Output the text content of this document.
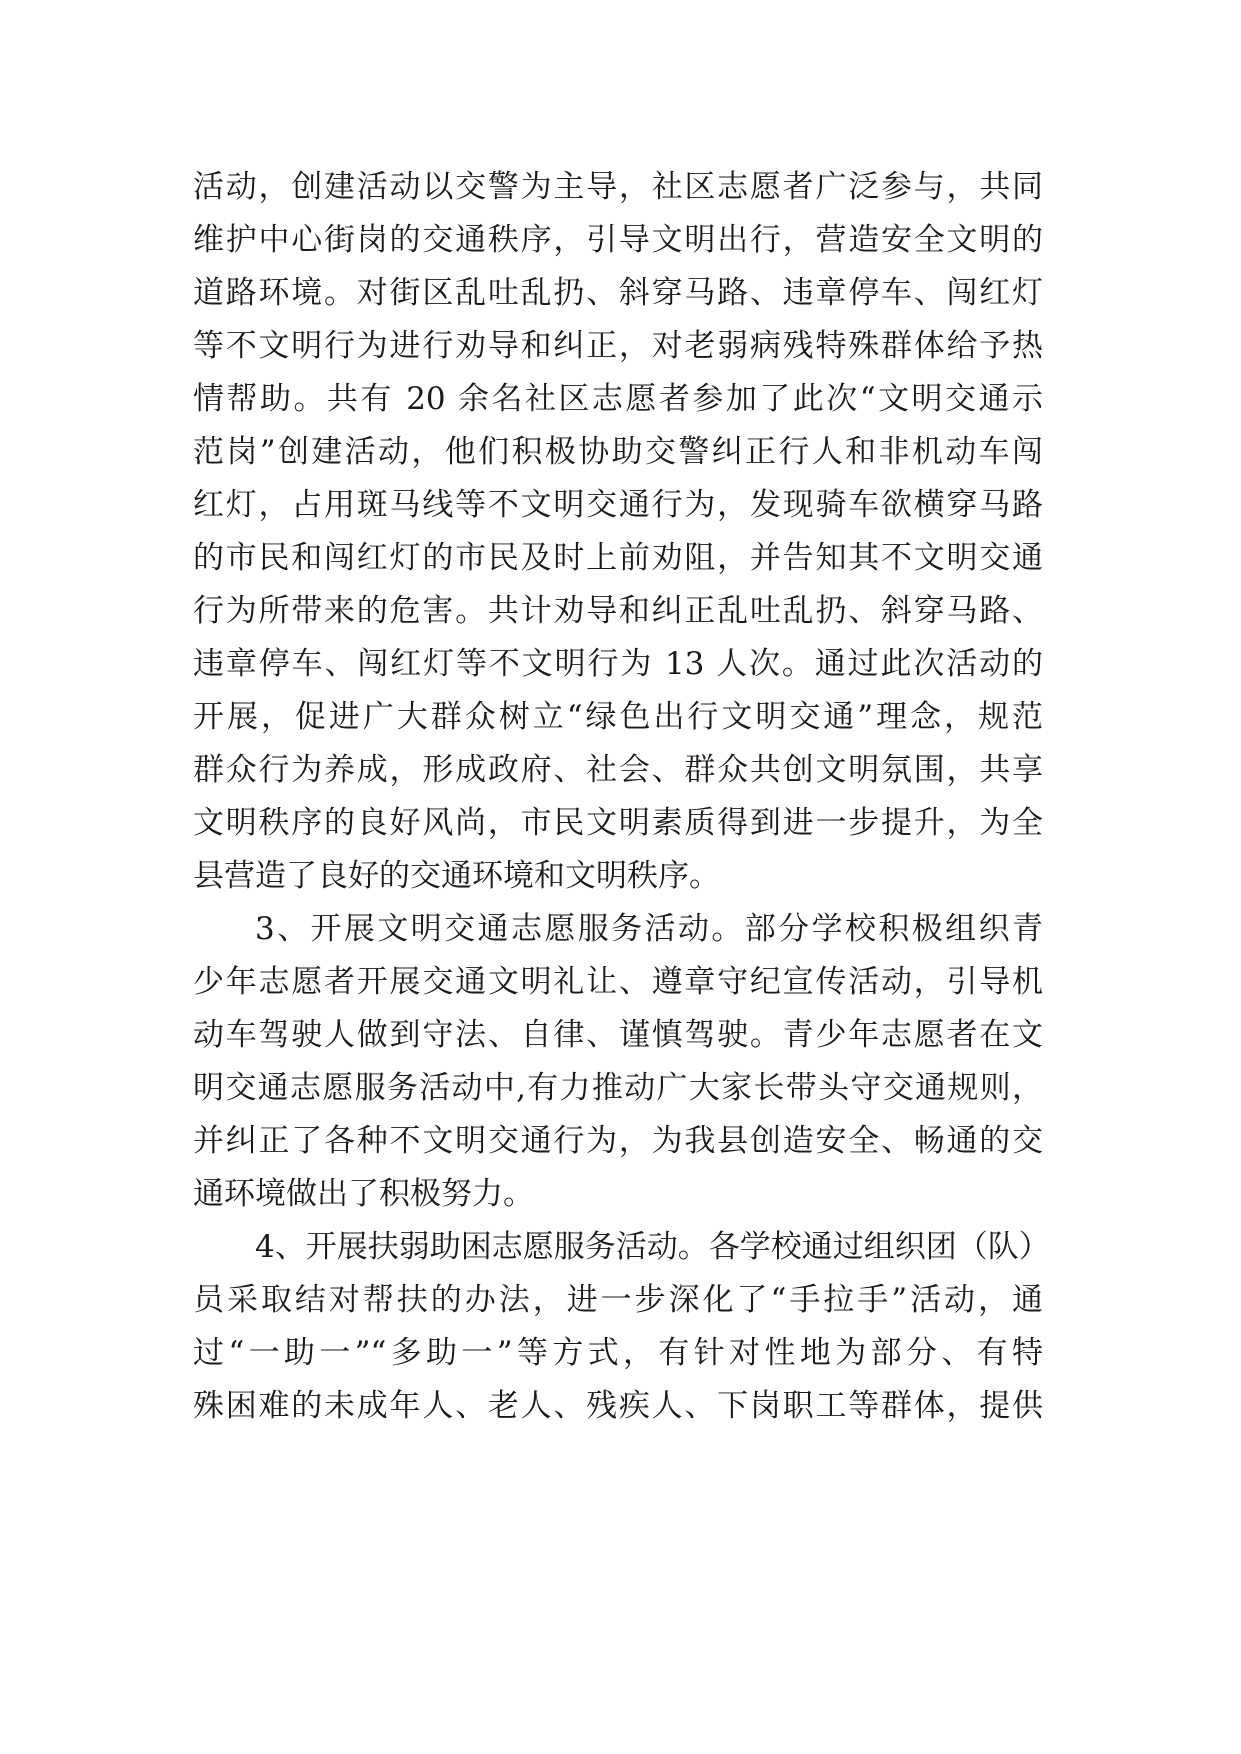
活动，创建活动以交警为主导，社区志愿者广泛参与，共同
维护中心街岗的交通秩序，引导文明出行，营造安全文明的
道路环境。对街区乱吐乱扔、斜穿马路、违章停车、闯红灯
等不文明行为进行劝导和纠正，对老弱病残特殊群体给予热
情帮助。共有 20 余名社区志愿者参加了此次“文明交通示
范岗”创建活动，他们积极协助交警纠正行人和非机动车闯
红灯，占用斑马线等不文明交通行为，发现骑车欲横穿马路
的市民和闯红灯的市民及时上前劝阻，并告知其不文明交通
行为所带来的危害。共计劝导和纠正乱吐乱扔、斜穿马路、
违章停车、闯红灯等不文明行为 13 人次。通过此次活动的
开展，促进广大群众树立“绿色出行文明交通”理念，规范
群众行为养成，形成政府、社会、群众共创文明氛围，共享
文明秩序的良好风尚，市民文明素质得到进一步提升，为全
县营造了良好的交通环境和文明秩序。
3、开展文明交通志愿服务活动。部分学校积极组织青
少年志愿者开展交通文明礼让、遵章守纪宣传活动，引导机
动车驾驶人做到守法、自律、谨慎驾驶。青少年志愿者在文
明交通志愿服务活动中,有力推动广大家长带头守交通规则，
并纠正了各种不文明交通行为，为我县创造安全、畅通的交
通环境做出了积极努力。
4、开展扶弱助困志愿服务活动。各学校通过组织团（队）
员采取结对帮扶的办法，进一步深化了“手拉手”活动，通
过“一助一”“多助一”等方式，有针对性地为部分、有特
殊困难的未成年人、老人、残疾人、下岗职工等群体，提供
